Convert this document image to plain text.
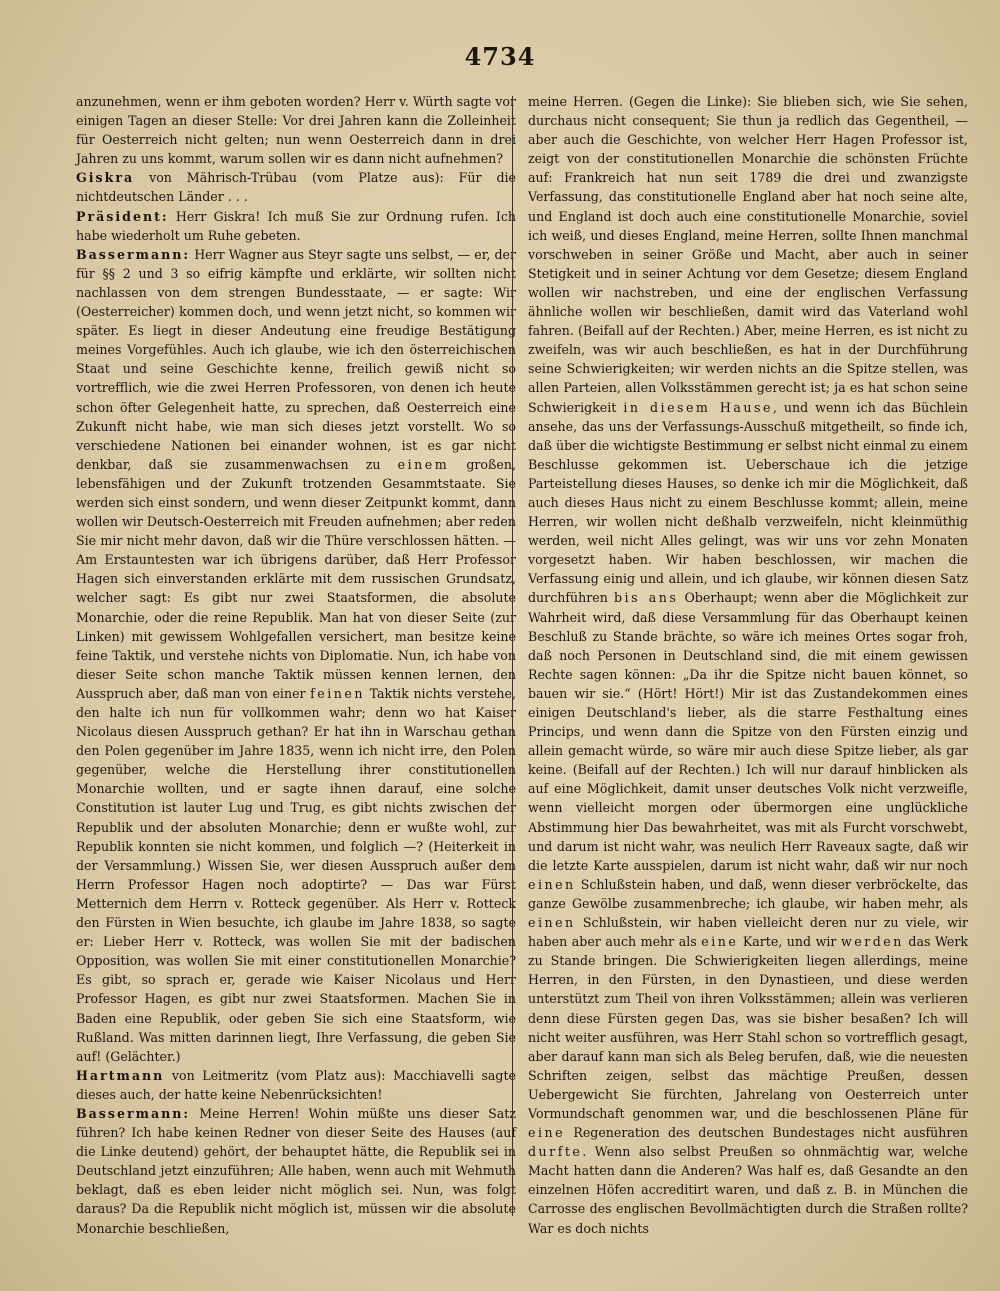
4734

anzunehmen, wenn er ihm geboten worden? Herr v. Würth sagte vor einigen Tagen an dieser Stelle: Vor drei Jahren kann die Zolleinheit für Oesterreich nicht gelten; nun wenn Oesterreich dann in drei Jahren zu uns kommt, warum sollen wir es dann nicht aufnehmen?

Giskra von Mährisch-Trübau (vom Platze aus): Für die nichtdeutschen Länder . . .

Präsident: Herr Giskra! Ich muß Sie zur Ordnung rufen. Ich habe wiederholt um Ruhe gebeten.

Bassermann: Herr Wagner aus Steyr sagte uns selbst, — er, der für §§ 2 und 3 so eifrig kämpfte und erklärte, wir sollten nicht nachlassen von dem strengen Bundesstaate, — er sagte: Wir (Oesterreicher) kommen doch, und wenn jetzt nicht, so kommen wir später. Es liegt in dieser Andeutung eine freudige Bestätigung meines Vorgefühles. Auch ich glaube, wie ich den österreichischen Staat und seine Geschichte kenne, freilich gewiß nicht so vortrefflich, wie die zwei Herren Professoren, von denen ich heute schon öfter Gelegenheit hatte, zu sprechen, daß Oesterreich eine Zukunft nicht habe, wie man sich dieses jetzt vorstellt. Wo so verschiedene Nationen bei einander wohnen, ist es gar nicht denkbar, daß sie zusammenwachsen zu einem großen, lebensfähigen und der Zukunft trotzenden Gesammtstaate. Sie werden sich einst sondern, und wenn dieser Zeitpunkt kommt, dann wollen wir Deutsch-Oesterreich mit Freuden aufnehmen; aber reden Sie mir nicht mehr davon, daß wir die Thüre verschlossen hätten. — Am Erstauntesten war ich übrigens darüber, daß Herr Professor Hagen sich einverstanden erklärte mit dem russischen Grundsatz, welcher sagt: Es gibt nur zwei Staatsformen, die absolute Monarchie, oder die reine Republik. Man hat von dieser Seite (zur Linken) mit gewissem Wohlgefallen versichert, man besitze keine feine Taktik, und verstehe nichts von Diplomatie. Nun, ich habe von dieser Seite schon manche Taktik müssen kennen lernen, den Ausspruch aber, daß man von einer feinen Taktik nichts verstehe, den halte ich nun für vollkommen wahr; denn wo hat Kaiser Nicolaus diesen Ausspruch gethan? Er hat ihn in Warschau gethan den Polen gegenüber im Jahre 1835, wenn ich nicht irre, den Polen gegenüber, welche die Herstellung ihrer constitutionellen Monarchie wollten, und er sagte ihnen darauf, eine solche Constitution ist lauter Lug und Trug, es gibt nichts zwischen der Republik und der absoluten Monarchie; denn er wußte wohl, zur Republik konnten sie nicht kommen, und folglich —? (Heiterkeit in der Versammlung.) Wissen Sie, wer diesen Ausspruch außer dem Herrn Professor Hagen noch adoptirte? — Das war Fürst Metternich dem Herrn v. Rotteck gegenüber. Als Herr v. Rotteck den Fürsten in Wien besuchte, ich glaube im Jahre 1838, so sagte er: Lieber Herr v. Rotteck, was wollen Sie mit der badischen Opposition, was wollen Sie mit einer constitutionellen Monarchie? Es gibt, so sprach er, gerade wie Kaiser Nicolaus und Herr Professor Hagen, es gibt nur zwei Staatsformen. Machen Sie in Baden eine Republik, oder geben Sie sich eine Staatsform, wie Rußland. Was mitten darinnen liegt, Ihre Verfassung, die geben Sie auf! (Gelächter.)

Hartmann von Leitmeritz (vom Platz aus): Macchiavelli sagte dieses auch, der hatte keine Nebenrücksichten!

Bassermann: Meine Herren! Wohin müßte uns dieser Satz führen? Ich habe keinen Redner von dieser Seite des Hauses (auf die Linke deutend) gehört, der behauptet hätte, die Republik sei in Deutschland jetzt einzuführen; Alle haben, wenn auch mit Wehmuth beklagt, daß es eben leider nicht möglich sei. Nun, was folgt daraus? Da die Republik nicht möglich ist, müssen wir die absolute Monarchie beschließen,

meine Herren. (Gegen die Linke): Sie blieben sich, wie Sie sehen, durchaus nicht consequent; Sie thun ja redlich das Gegentheil, — aber auch die Geschichte, von welcher Herr Hagen Professor ist, zeigt von der constitutionellen Monarchie die schönsten Früchte auf: Frankreich hat nun seit 1789 die drei und zwanzigste Verfassung, das constitutionelle England aber hat noch seine alte, und England ist doch auch eine constitutionelle Monarchie, soviel ich weiß, und dieses England, meine Herren, sollte Ihnen manchmal vorschweben in seiner Größe und Macht, aber auch in seiner Stetigkeit und in seiner Achtung vor dem Gesetze; diesem England wollen wir nachstreben, und eine der englischen Verfassung ähnliche wollen wir beschließen, damit wird das Vaterland wohl fahren. (Beifall auf der Rechten.) Aber, meine Herren, es ist nicht zu zweifeln, was wir auch beschließen, es hat in der Durchführung seine Schwierigkeiten; wir werden nichts an die Spitze stellen, was allen Parteien, allen Volksstämmen gerecht ist; ja es hat schon seine Schwierigkeit in diesem Hause, und wenn ich das Büchlein ansehe, das uns der Verfassungs-Ausschuß mitgetheilt, so finde ich, daß über die wichtigste Bestimmung er selbst nicht einmal zu einem Beschlusse gekommen ist. Ueberschaue ich die jetzige Parteistellung dieses Hauses, so denke ich mir die Möglichkeit, daß auch dieses Haus nicht zu einem Beschlusse kommt; allein, meine Herren, wir wollen nicht deßhalb verzweifeln, nicht kleinmüthig werden, weil nicht Alles gelingt, was wir uns vor zehn Monaten vorgesetzt haben. Wir haben beschlossen, wir machen die Verfassung einig und allein, und ich glaube, wir können diesen Satz durchführen bis ans Oberhaupt; wenn aber die Möglichkeit zur Wahrheit wird, daß diese Versammlung für das Oberhaupt keinen Beschluß zu Stande brächte, so wäre ich meines Ortes sogar froh, daß noch Personen in Deutschland sind, die mit einem gewissen Rechte sagen können: „Da ihr die Spitze nicht bauen könnet, so bauen wir sie.“ (Hört! Hört!) Mir ist das Zustandekommen eines einigen Deutschland's lieber, als die starre Festhaltung eines Princips, und wenn dann die Spitze von den Fürsten einzig und allein gemacht würde, so wäre mir auch diese Spitze lieber, als gar keine. (Beifall auf der Rechten.) Ich will nur darauf hinblicken als auf eine Möglichkeit, damit unser deutsches Volk nicht verzweifle, wenn vielleicht morgen oder übermorgen eine unglückliche Abstimmung hier Das bewahrheitet, was mit als Furcht vorschwebt, und darum ist nicht wahr, was neulich Herr Raveaux sagte, daß wir die letzte Karte ausspielen, darum ist nicht wahr, daß wir nur noch einen Schlußstein haben, und daß, wenn dieser verbröckelte, das ganze Gewölbe zusammenbreche; ich glaube, wir haben mehr, als einen Schlußstein, wir haben vielleicht deren nur zu viele, wir haben aber auch mehr als eine Karte, und wir werden das Werk zu Stande bringen. Die Schwierigkeiten liegen allerdings, meine Herren, in den Fürsten, in den Dynastieen, und diese werden unterstützt zum Theil von ihren Volksstämmen; allein was verlieren denn diese Fürsten gegen Das, was sie bisher besaßen? Ich will nicht weiter ausführen, was Herr Stahl schon so vortrefflich gesagt, aber darauf kann man sich als Beleg berufen, daß, wie die neuesten Schriften zeigen, selbst das mächtige Preußen, dessen Uebergewicht Sie fürchten, Jahrelang von Oesterreich unter Vormundschaft genommen war, und die beschlossenen Pläne für eine Regeneration des deutschen Bundestages nicht ausführen durfte. Wenn also selbst Preußen so ohnmächtig war, welche Macht hatten dann die Anderen? Was half es, daß Gesandte an den einzelnen Höfen accreditirt waren, und daß z. B. in München die Carrosse des englischen Bevollmächtigten durch die Straßen rollte? War es doch nichts
